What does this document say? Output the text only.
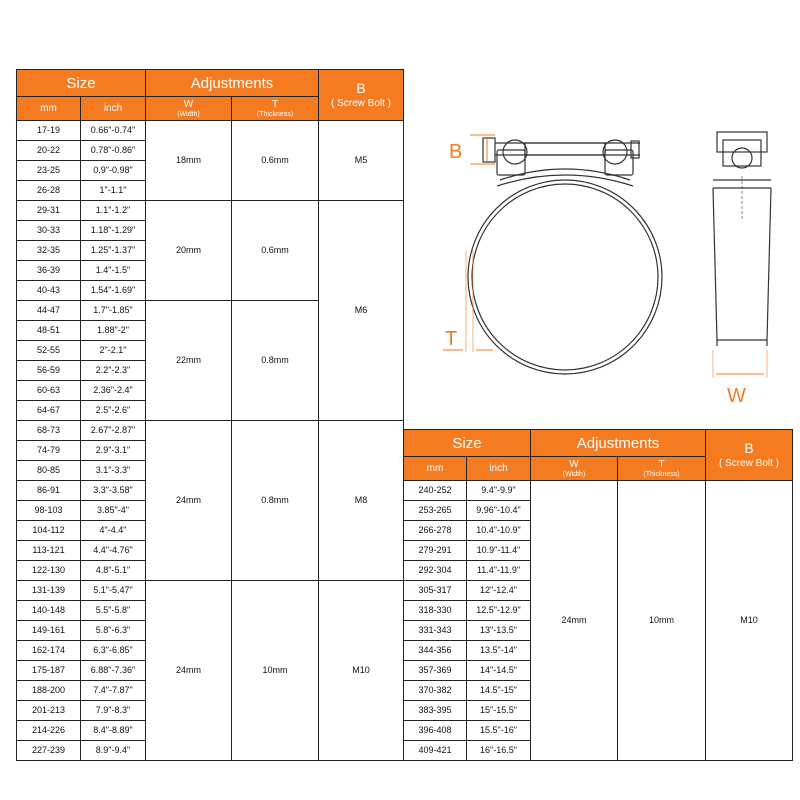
Size		Adjustments		B
( Screw Bolt )

mm	inch	W
(Width)	T
(Thickness)	

17-19	0.66"-0.74"	18mm	0.6mm	M5
20-22	0.78"-0.86"			
23-25	0.9"-0.98"			
26-28	1"-1.1"			
29-31	1.1"-1.2"	20mm	0.6mm	M6
30-33	1.18"-1.29"			
32-35	1.25"-1.37"			
36-39	1.4"-1.5"			
40-43	1.54"-1.69"			
44-47	1.7"-1.85"	22mm	0.8mm	
48-51	1.88"-2"			
52-55	2"-2.1"			
56-59	2.2"-2.3"			
60-63	2.36"-2.4"			
64-67	2.5"-2.6"			
68-73	2.67"-2.87"	24mm	0.8mm	M8
74-79	2.9"-3.1"			
80-85	3.1"-3.3"			
86-91	3.3"-3.58"			
98-103	3.85"-4"			
104-112	4"-4.4"			
113-121	4.4"-4.76"			
122-130	4.8"-5.1"			
131-139	5.1"-5.47"	24mm	10mm	M10
140-148	5.5"-5.8"			
149-161	5.8"-6.3"			
162-174	6.3"-6.85"			
175-187	6.88"-7.36"			
188-200	7.4"-7.87"			
201-213	7.9"-8.3"			
214-226	8.4"-8.89"			
227-239	8.9"-9.4"			
B
T
W
Size		Adjustments		B
( Screw Bolt )

mm	inch	W
(Width)	T
(Thickness)	

240-252	9.4"-9.9"	24mm	10mm	M10
253-265	9.96"-10.4"			
266-278	10.4"-10.9"			
279-291	10.9"-11.4"			
292-304	11.4"-11.9"			
305-317	12"-12.4"			
318-330	12.5"-12.9"			
331-343	13"-13.5"			
344-356	13.5"-14"			
357-369	14"-14.5"			
370-382	14.5"-15"			
383-395	15"-15.5"			
396-408	15.5"-16"			
409-421	16"-16.5"			
